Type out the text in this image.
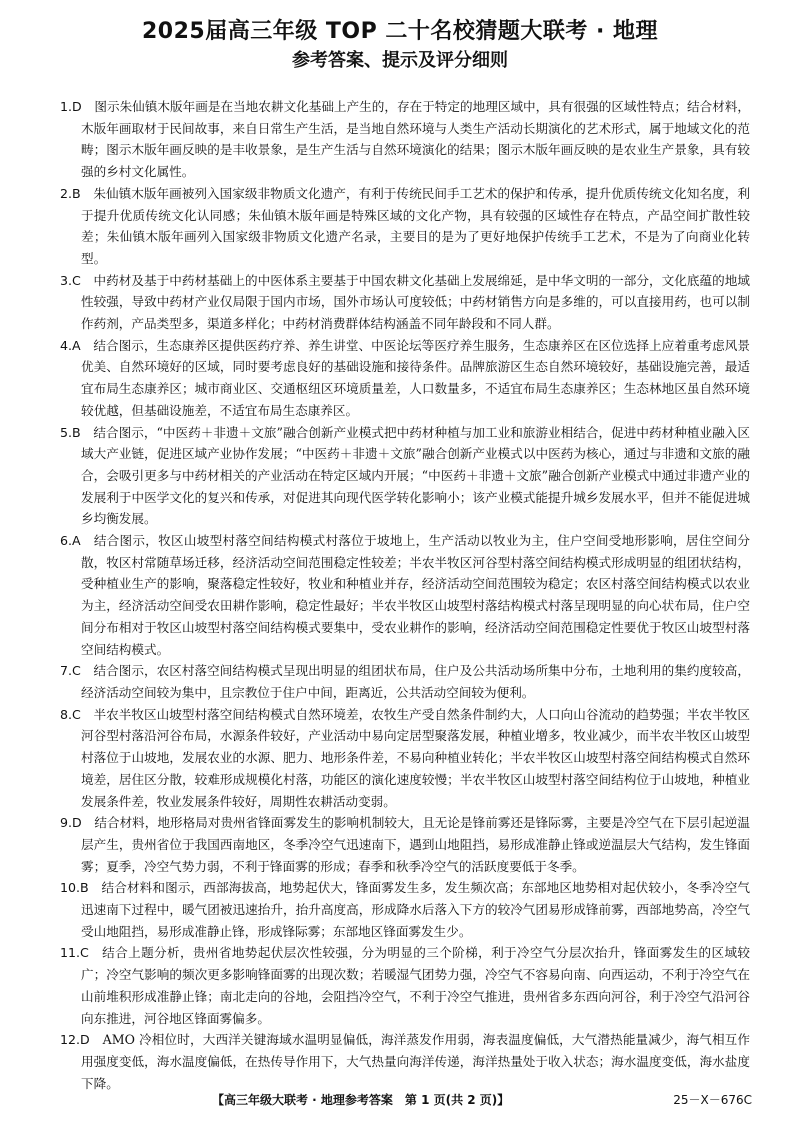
2025届高三年级 TOP 二十名校猜题大联考 · 地理
参考答案、提示及评分细则

1.D　 图示朱仙镇木版年画是在当地农耕文化基础上产生的，存在于特定的地理区域中，具有很强的区域性特点；结合材料，木版年画取材于民间故事，来自日常生产生活，是当地自然环境与人类生产活动长期演化的艺术形式，属于地域文化的范畴；图示木版年画反映的是丰收景象，是生产生活与自然环境演化的结果；图示木版年画反映的是农业生产景象，具有较强的乡村文化属性。

2.B　 朱仙镇木版年画被列入国家级非物质文化遗产，有利于传统民间手工艺术的保护和传承，提升优质传统文化知名度，利于提升优质传统文化认同感；朱仙镇木版年画是特殊区域的文化产物，具有较强的区域性存在特点，产品空间扩散性较差；朱仙镇木版年画列入国家级非物质文化遗产名录，主要目的是为了更好地保护传统手工艺术，不是为了向商业化转型。

3.C　 中药材及基于中药材基础上的中医体系主要基于中国农耕文化基础上发展绵延，是中华文明的一部分，文化底蕴的地域性较强，导致中药材产业仅局限于国内市场，国外市场认可度较低；中药材销售方向是多维的，可以直接用药，也可以制作药剂，产品类型多，渠道多样化；中药材消费群体结构涵盖不同年龄段和不同人群。

4.A　 结合图示，生态康养区提供医药疗养、养生讲堂、中医论坛等医疗养生服务，生态康养区在区位选择上应着重考虑风景优美、自然环境好的区域，同时要考虑良好的基础设施和接待条件。品牌旅游区生态自然环境较好，基础设施完善，最适宜布局生态康养区；城市商业区、交通枢纽区环境质量差，人口数量多，不适宜布局生态康养区；生态林地区虽自然环境较优越，但基础设施差，不适宜布局生态康养区。

5.B　 结合图示，“中医药＋非遗＋文旅”融合创新产业模式把中药材种植与加工业和旅游业相结合，促进中药材种植业融入区域大产业链，促进区域产业协作发展；“中医药＋非遗＋文旅”融合创新产业模式以中医药为核心，通过与非遗和文旅的融合，会吸引更多与中药材相关的产业活动在特定区域内开展；“中医药＋非遗＋文旅”融合创新产业模式中通过非遗产业的发展利于中医学文化的复兴和传承，对促进其向现代医学转化影响小；该产业模式能提升城乡发展水平，但并不能促进城乡均衡发展。

6.A　 结合图示，牧区山坡型村落空间结构模式村落位于坡地上，生产活动以牧业为主，住户空间受地形影响，居住空间分散，牧区村常随草场迁移，经济活动空间范围稳定性较差；半农半牧区河谷型村落空间结构模式形成明显的组团状结构，受种植业生产的影响，聚落稳定性较好，牧业和种植业并存，经济活动空间范围较为稳定；农区村落空间结构模式以农业为主，经济活动空间受农田耕作影响，稳定性最好；半农半牧区山坡型村落结构模式村落呈现明显的向心状布局，住户空间分布相对于牧区山坡型村落空间结构模式要集中，受农业耕作的影响，经济活动空间范围稳定性要优于牧区山坡型村落空间结构模式。

7.C　 结合图示，农区村落空间结构模式呈现出明显的组团状布局，住户及公共活动场所集中分布，土地利用的集约度较高，经济活动空间较为集中，且宗教位于住户中间，距离近，公共活动空间较为便利。

8.C　 半农半牧区山坡型村落空间结构模式自然环境差，农牧生产受自然条件制约大，人口向山谷流动的趋势强；半农半牧区河谷型村落沿河谷布局，水源条件较好，产业活动中易向定居型聚落发展，种植业增多，牧业减少，而半农半牧区山坡型村落位于山坡地，发展农业的水源、肥力、地形条件差，不易向种植业转化；半农半牧区山坡型村落空间结构模式自然环境差，居住区分散，较难形成规模化村落，功能区的演化速度较慢；半农半牧区山坡型村落空间结构位于山坡地，种植业发展条件差，牧业发展条件较好，周期性农耕活动变弱。

9.D　 结合材料，地形格局对贵州省锋面雾发生的影响机制较大，且无论是锋前雾还是锋际雾，主要是冷空气在下层引起逆温层产生，贵州省位于我国西南地区，冬季冷空气迅速南下，遇到山地阻挡，易形成准静止锋或逆温层大气结构，发生锋面雾；夏季，冷空气势力弱，不利于锋面雾的形成；春季和秋季冷空气的活跃度要低于冬季。

10.B　 结合材料和图示，西部海拔高，地势起伏大，锋面雾发生多，发生频次高；东部地区地势相对起伏较小，冬季冷空气迅速南下过程中，暖气团被迅速抬升，抬升高度高，形成降水后落入下方的较冷气团易形成锋前雾，西部地势高，冷空气受山地阻挡，易形成准静止锋，形成锋际雾；东部地区锋面雾发生少。

11.C　 结合上题分析，贵州省地势起伏层次性较强，分为明显的三个阶梯，利于冷空气分层次抬升，锋面雾发生的区域较广；冷空气影响的频次更多影响锋面雾的出现次数；若暖湿气团势力强，冷空气不容易向南、向西运动，不利于冷空气在山前堆积形成准静止锋；南北走向的谷地，会阻挡冷空气，不利于冷空气推进，贵州省多东西向河谷，利于冷空气沿河谷向东推进，河谷地区锋面雾偏多。

12.D　 AMO 冷相位时，大西洋关键海域水温明显偏低，海洋蒸发作用弱，海表温度偏低，大气潜热能量减少，海气相互作用强度变低，海水温度偏低，在热传导作用下，大气热量向海洋传递，海洋热量处于收入状态；海水温度变低，海水盐度下降。

【高三年级大联考 · 地理参考答案　第 1 页(共 2 页)】	25－X－676C
